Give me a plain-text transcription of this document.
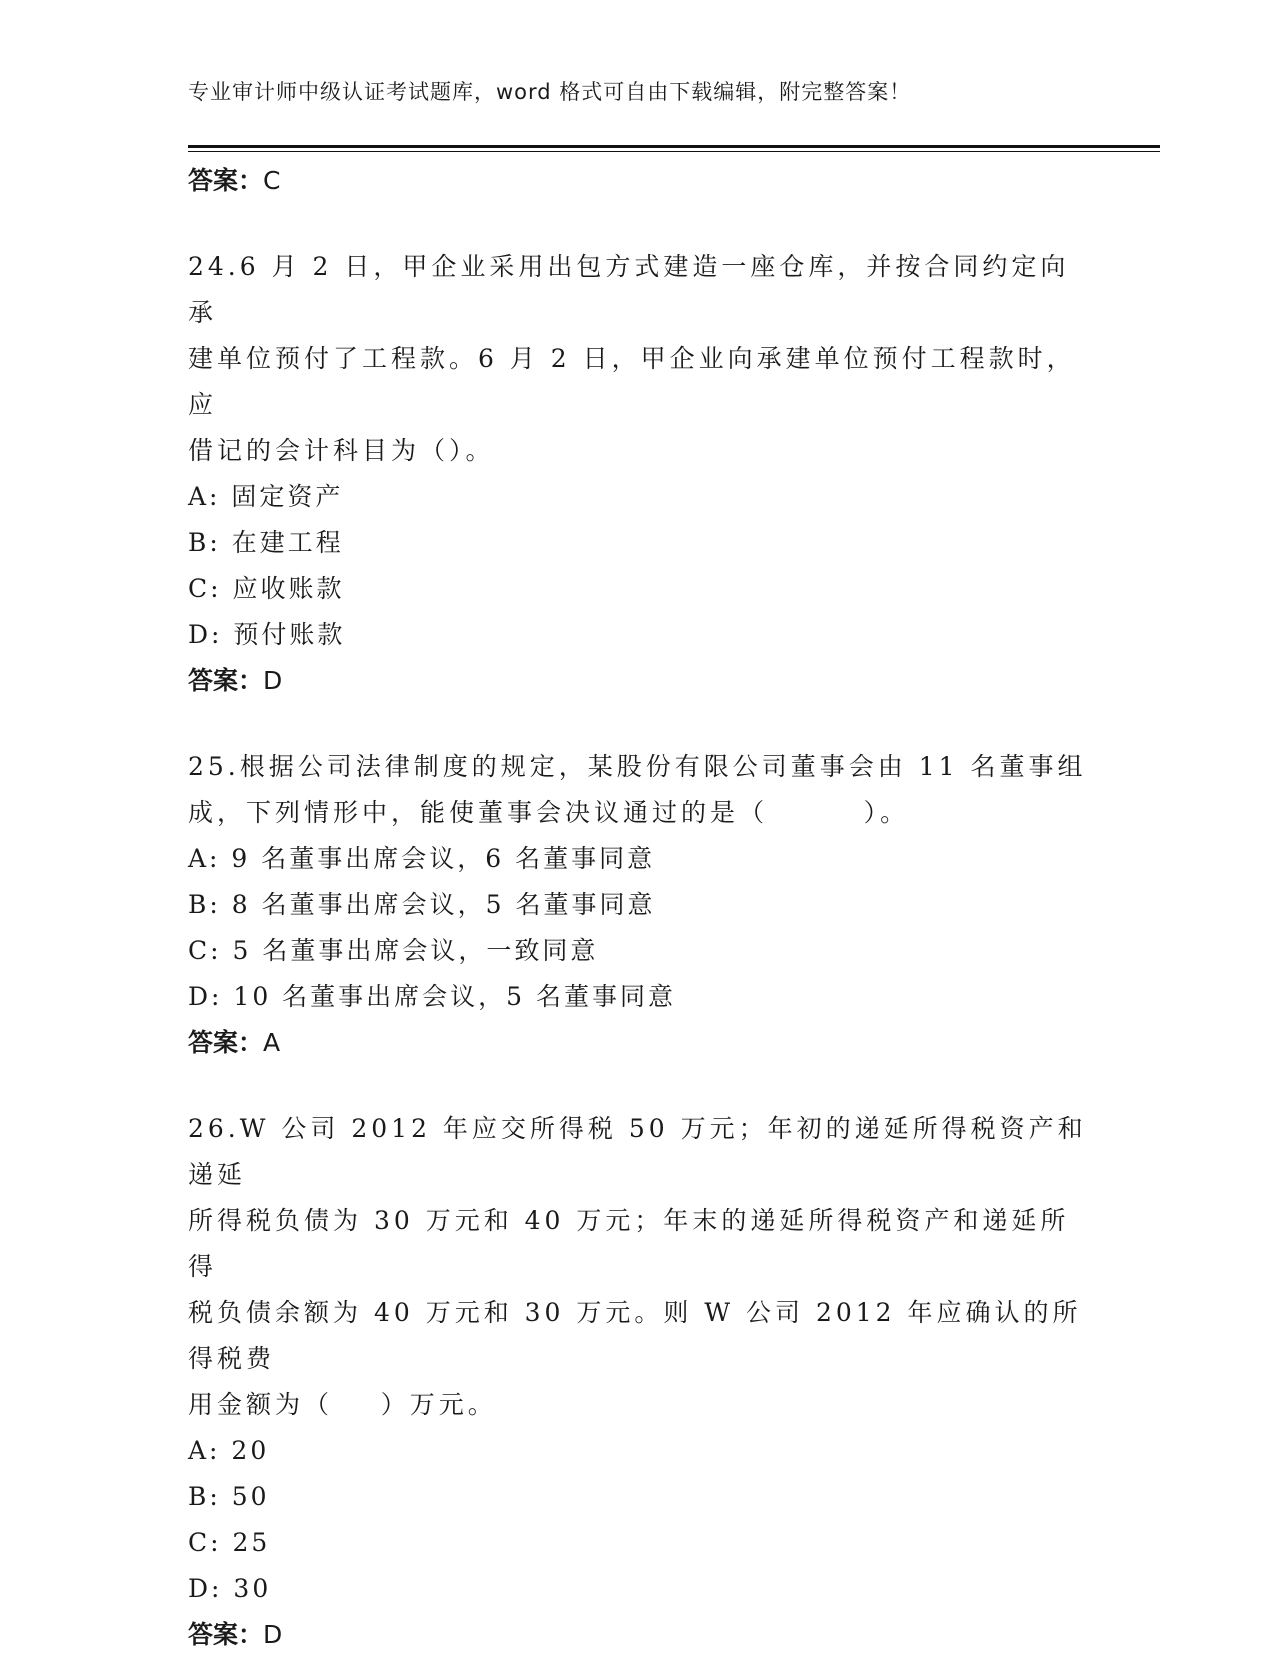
专业审计师中级认证考试题库，word 格式可自由下载编辑，附完整答案！
答案：C
24.6 月 2 日，甲企业采用出包方式建造一座仓库，并按合同约定向承
建单位预付了工程款。6 月 2 日，甲企业向承建单位预付工程款时，应
借记的会计科目为（）。
A: 固定资产
B: 在建工程
C: 应收账款
D: 预付账款
答案：D
25.根据公司法律制度的规定，某股份有限公司董事会由 11 名董事组
成，下列情形中，能使董事会决议通过的是（        ）。
A: 9 名董事出席会议，6 名董事同意
B: 8 名董事出席会议，5 名董事同意
C: 5 名董事出席会议，一致同意
D: 10 名董事出席会议，5 名董事同意
答案：A
26.W 公司 2012 年应交所得税 50 万元；年初的递延所得税资产和递延
所得税负债为 30 万元和 40 万元；年末的递延所得税资产和递延所得
税负债余额为 40 万元和 30 万元。则 W 公司 2012 年应确认的所得税费
用金额为（    ）万元。
A: 20
B: 50
C: 25
D: 30
答案：D
